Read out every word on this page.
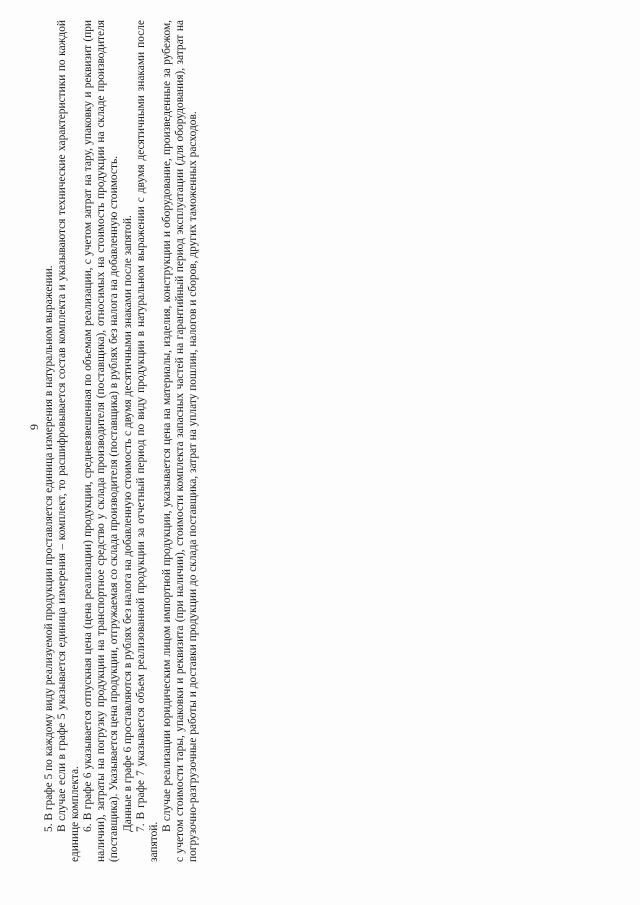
9 5. В графе 5 по каждому виду реализуемой продукции проставляется единица измерения в натуральном выражении. В случае если в графе 5 указывается единица измерения – комплект, то расшифровывается состав комплекта и указываются технические характеристики по каждой единице комплекта. 6. В графе 6 указывается отпускная цена (цена реализации) продукции, средневзвешенная по объемам реализации, с учетом затрат на тару, упаковку и реквизит (при наличии), затраты на погрузку продукции на транспортное средство у склада производителя (поставщика), относимых на стоимость продукции на складе производителя (поставщика). Указывается цена продукции, отгружаемая со склада производителя (поставщика) в рублях без налога на добавленную стоимость. Данные в графе 6 проставляются в рублях без налога на добавленную стоимость с двумя десятичными знаками после запятой. 7. В графе 7 указывается объем реализованной продукции за отчетный период по виду продукции в натуральном выражении с двумя десятичными знаками после запятой.

В случае реализации юридическим лицом импортной продукции, указывается цена на материалы, изделия, конструкции и оборудование, произведенные за рубежом, с учетом стоимости тары, упаковки и реквизита (при наличии), стоимости комплекта запасных частей на гарантийный период эксплуатации (для оборудования), затрат на погрузочно-разгрузочные работы и доставки продукции до склада поставщика, затрат на уплату пошлин, налогов и сборов, других таможенных расходов.
